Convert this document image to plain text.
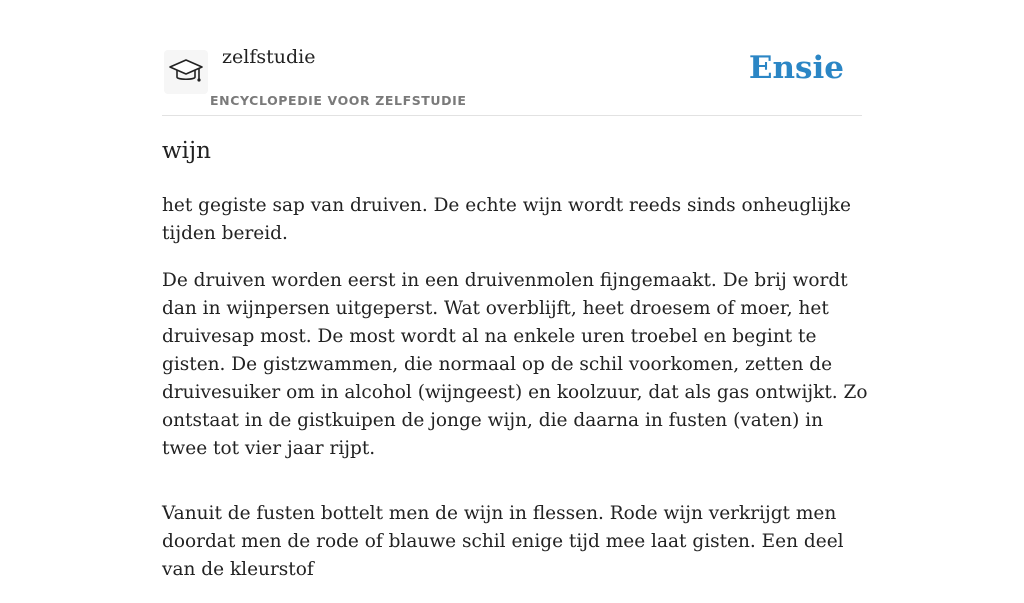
zelfstudie
ENCYCLOPEDIE VOOR ZELFSTUDIE
Ensie
wijn

het gegiste sap van druiven. De echte wijn wordt reeds sinds onheuglijke tijden bereid.

De druiven worden eerst in een druivenmolen fijngemaakt. De brij wordt dan in wijnpersen uitgeperst. Wat overblijft, heet droesem of moer, het druivesap most. De most wordt al na enkele uren troebel en begint te gisten. De gistzwammen, die normaal op de schil voorkomen, zetten de druivesuiker om in alcohol (wijngeest) en koolzuur, dat als gas ontwijkt. Zo ontstaat in de gistkuipen de jonge wijn, die daarna in fusten (vaten) in twee tot vier jaar rijpt.

Vanuit de fusten bottelt men de wijn in flessen. Rode wijn verkrijgt men doordat men de rode of blauwe schil enige tijd mee laat gisten. Een deel van de kleurstof
